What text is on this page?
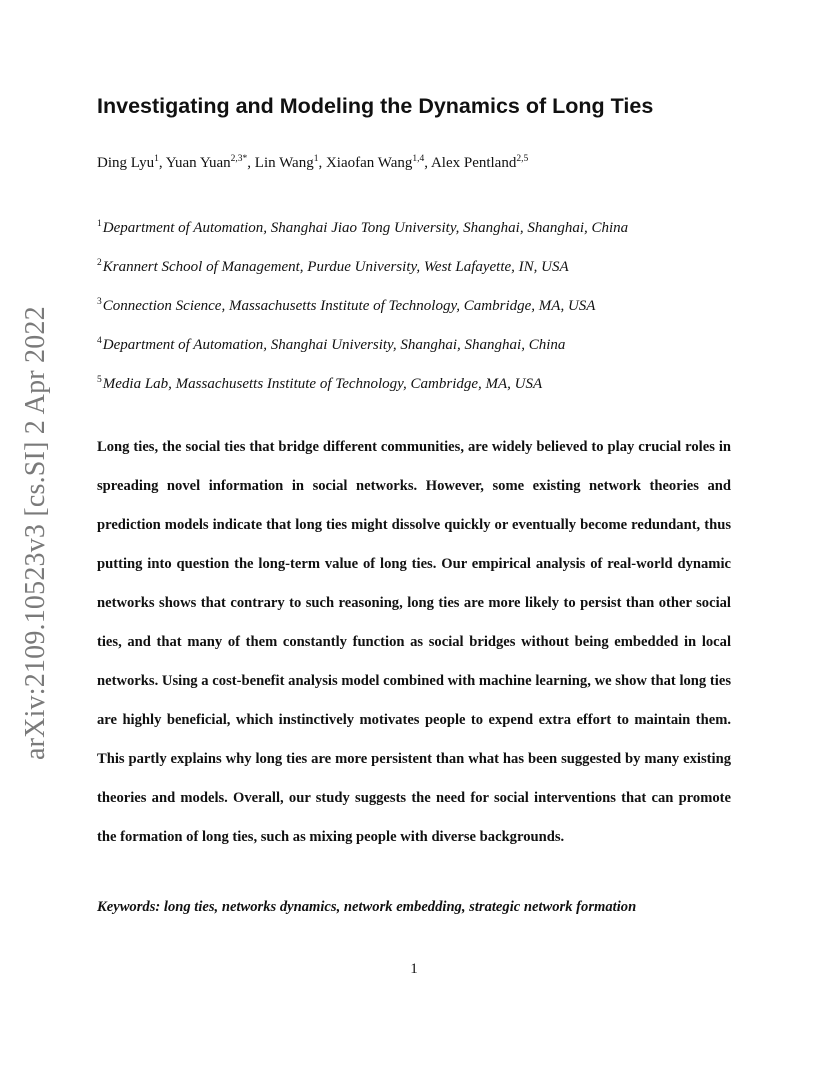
arXiv:2109.10523v3 [cs.SI] 2 Apr 2022
Investigating and Modeling the Dynamics of Long Ties
Ding Lyu$^1$, Yuan Yuan$^{2,3*}$, Lin Wang$^1$, Xiaofan Wang$^{1,4}$, Alex Pentland$^{2,5}$
$^1$Department of Automation, Shanghai Jiao Tong University, Shanghai, Shanghai, China
$^2$Krannert School of Management, Purdue University, West Lafayette, IN, USA
$^3$Connection Science, Massachusetts Institute of Technology, Cambridge, MA, USA
$^4$Department of Automation, Shanghai University, Shanghai, Shanghai, China
$^5$Media Lab, Massachusetts Institute of Technology, Cambridge, MA, USA

Long ties, the social ties that bridge different communities, are widely believed to play crucial roles in spreading novel information in social networks. However, some existing network theories and prediction models indicate that long ties might dissolve quickly or eventually become redundant, thus putting into question the long-term value of long ties. Our empirical analysis of real-world dynamic networks shows that contrary to such reasoning, long ties are more likely to persist than other social ties, and that many of them constantly function as social bridges without being embedded in local networks. Using a cost-benefit analysis model combined with machine learning, we show that long ties are highly beneficial, which instinctively motivates people to expend extra effort to maintain them. This partly explains why long ties are more persistent than what has been suggested by many existing theories and models. Overall, our study suggests the need for social interventions that can promote the formation of long ties, such as mixing people with diverse backgrounds.

Keywords: long ties, networks dynamics, network embedding, strategic network formation
1
